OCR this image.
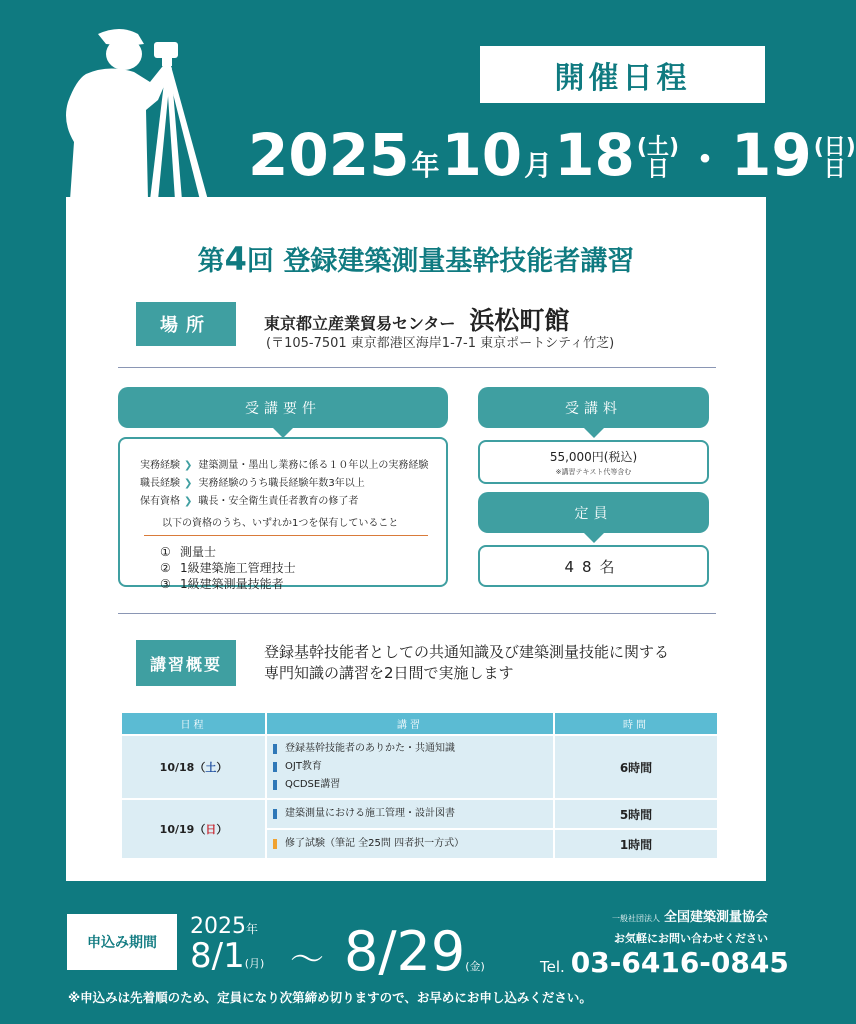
開催日程
2025 年 10 月 18 (土)
日 ・ 19 (日)
日
第4回 登録建築測量基幹技能者講習
場所	東京都立産業貿易センター 浜松町館
(〒105-7501 東京都港区海岸1-7-1 東京ポートシティ竹芝)
受講要件
実務経験 ❯ 建築測量・墨出し業務に係る１０年以上の実務経験
職長経験 ❯ 実務経験のうち職長経験年数3年以上
保有資格 ❯ 職長・安全衛生責任者教育の修了者
以下の資格のうち、いずれか1つを保有していること
① 測量士
② 1級建築施工管理技士
③ 1級建築測量技能者
受講料
55,000円(税込)
※講習テキスト代等含む
定員
48名
講習概要
登録基幹技能者としての共通知識及び建築測量技能に関する
専門知識の講習を2日間で実施します
日程	講習	時間
10/18（土）	登録基幹技能者のありかた・共通知識
OJT教育
QCDSE講習	6時間
10/19（日）	建築測量における施工管理・設計図書	5時間

	修了試験（筆記 全25問 四者択一方式）	1時間
申込み期間
2025年
8/1(月) ～ 8/29(金)
一般社団法人 全国建築測量協会
お気軽にお問い合わせください
Tel. 03-6416-0845
※申込みは先着順のため、定員になり次第締め切りますので、お早めにお申し込みください。
